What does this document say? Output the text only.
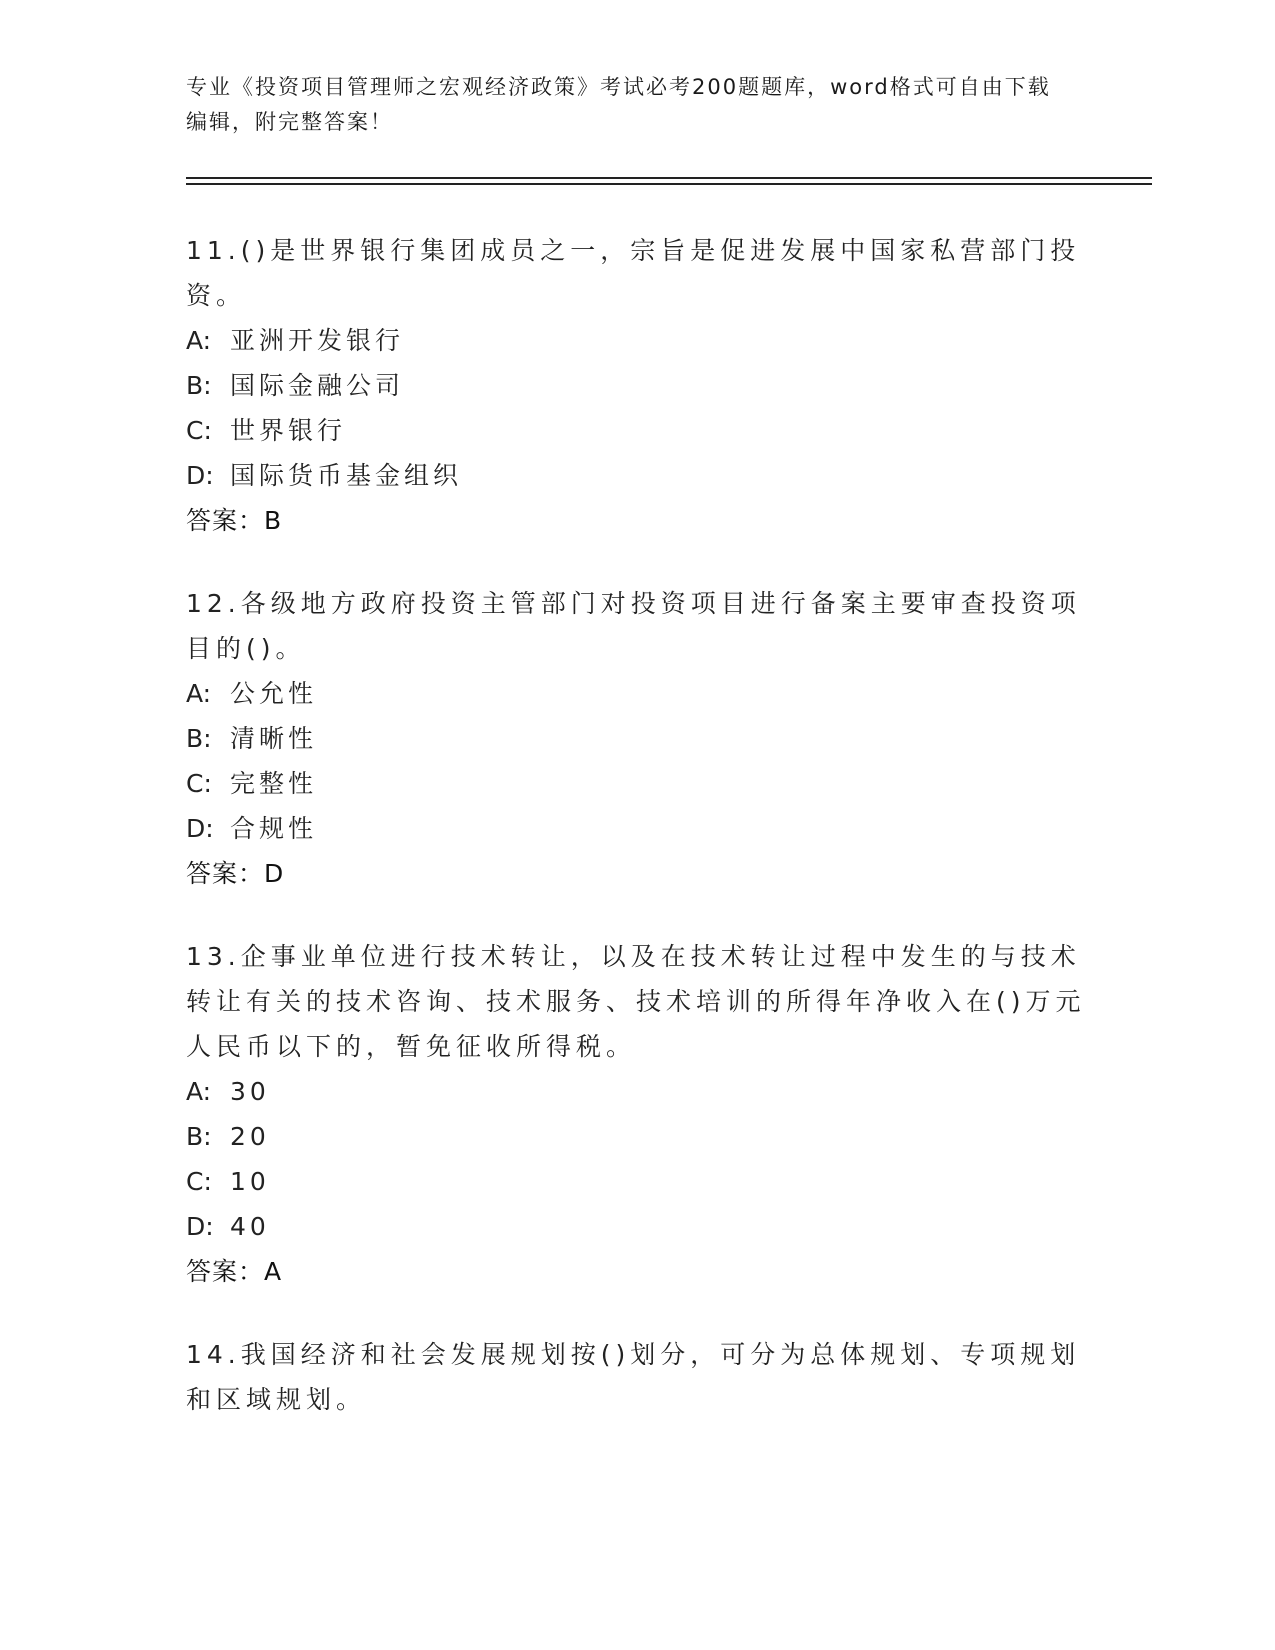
专业《投资项目管理师之宏观经济政策》考试必考200题题库，word格式可自由下载编辑，附完整答案！

11.()是世界银行集团成员之一，宗旨是促进发展中国家私营部门投资。

A: 亚洲开发银行

B: 国际金融公司

C: 世界银行

D: 国际货币基金组织

答案：B

12.各级地方政府投资主管部门对投资项目进行备案主要审查投资项目的()。

A: 公允性

B: 清晰性

C: 完整性

D: 合规性

答案：D

13.企事业单位进行技术转让，以及在技术转让过程中发生的与技术转让有关的技术咨询、技术服务、技术培训的所得年净收入在()万元人民币以下的，暂免征收所得税。

A: 30

B: 20

C: 10

D: 40

答案：A

14.我国经济和社会发展规划按()划分，可分为总体规划、专项规划和区域规划。
